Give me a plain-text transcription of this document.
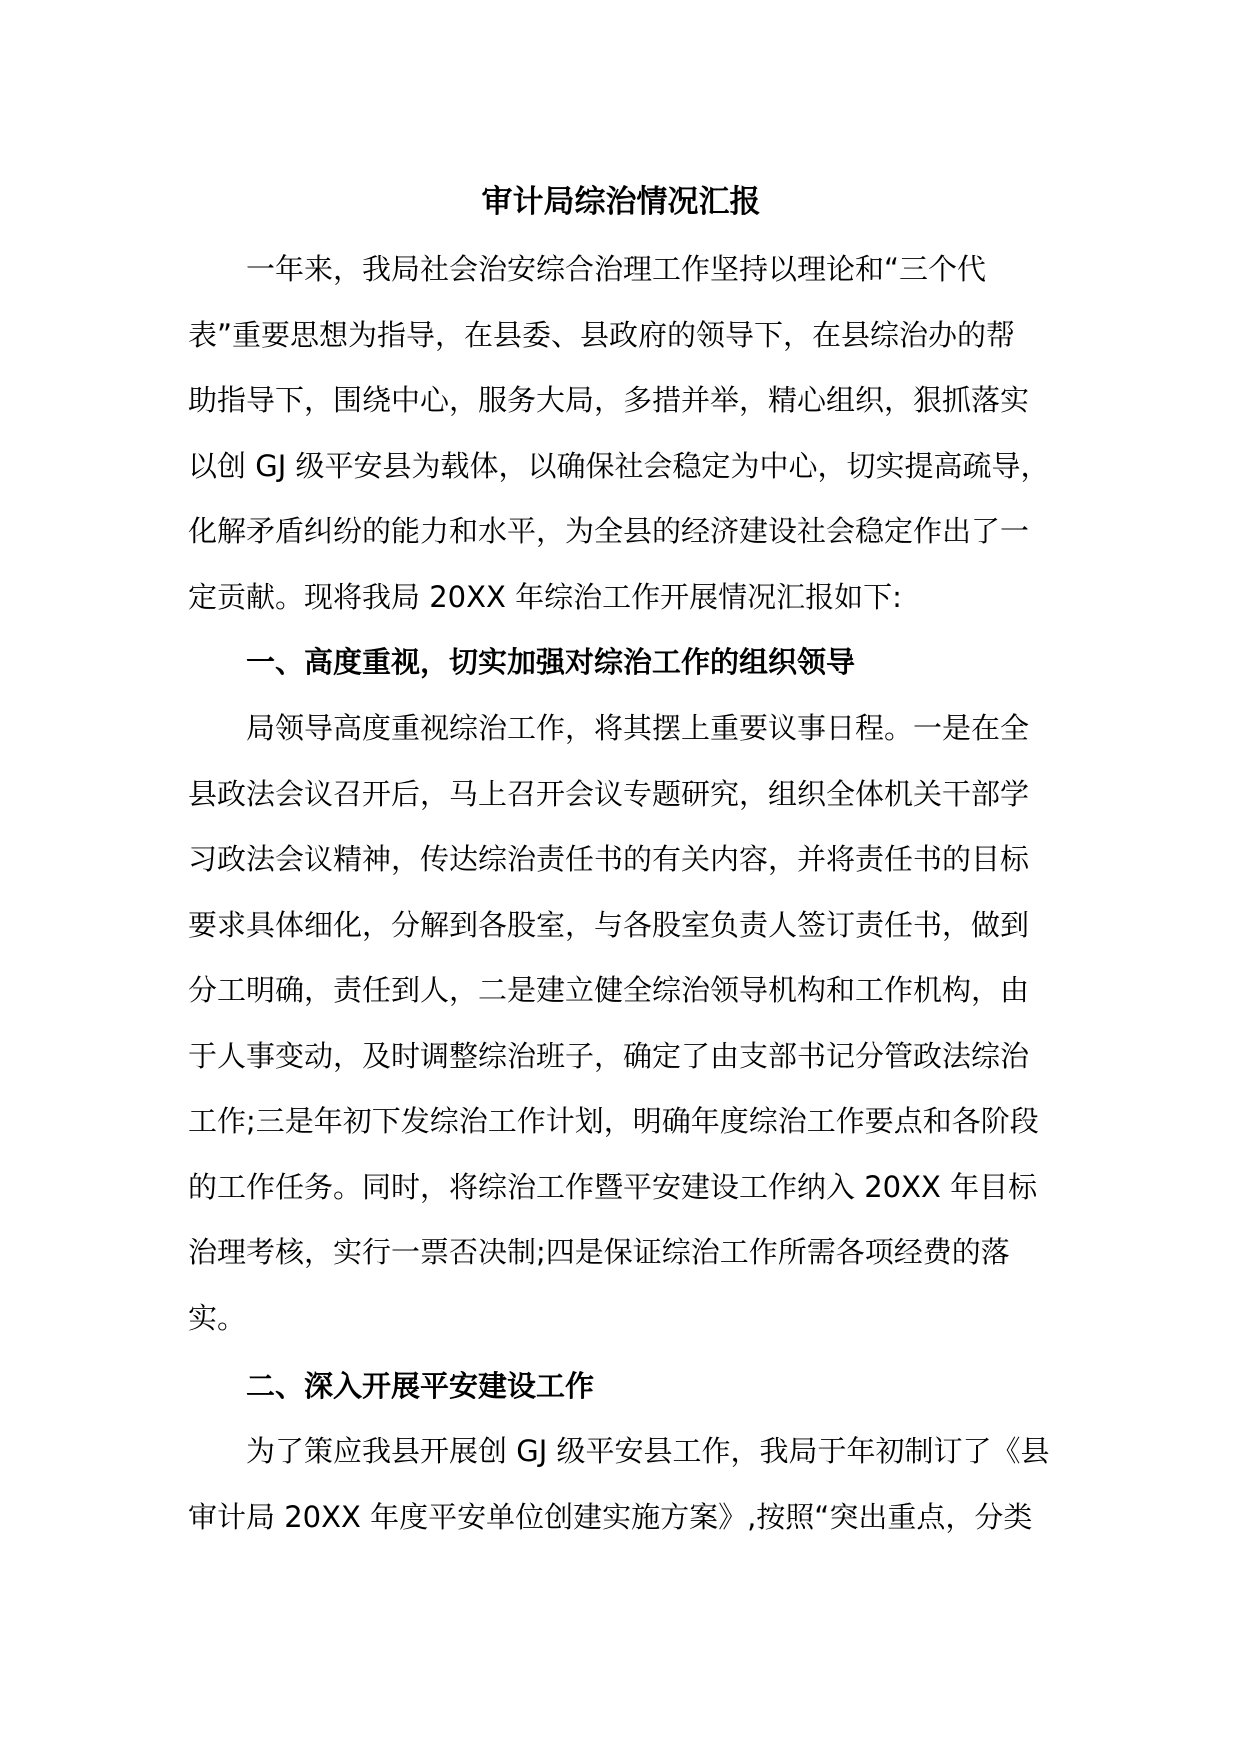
审计局综治情况汇报
一年来，我局社会治安综合治理工作坚持以理论和“三个代
表”重要思想为指导，在县委、县政府的领导下，在县综治办的帮
助指导下，围绕中心，服务大局，多措并举，精心组织，狠抓落实
以创 GJ 级平安县为载体，以确保社会稳定为中心，切实提高疏导，
化解矛盾纠纷的能力和水平，为全县的经济建设社会稳定作出了一
定贡献。现将我局 20XX 年综治工作开展情况汇报如下:
一、高度重视，切实加强对综治工作的组织领导
局领导高度重视综治工作，将其摆上重要议事日程。一是在全
县政法会议召开后，马上召开会议专题研究，组织全体机关干部学
习政法会议精神，传达综治责任书的有关内容，并将责任书的目标
要求具体细化，分解到各股室，与各股室负责人签订责任书，做到
分工明确，责任到人，二是建立健全综治领导机构和工作机构，由
于人事变动，及时调整综治班子，确定了由支部书记分管政法综治
工作;三是年初下发综治工作计划，明确年度综治工作要点和各阶段
的工作任务。同时，将综治工作暨平安建设工作纳入 20XX 年目标
治理考核，实行一票否决制;四是保证综治工作所需各项经费的落
实。
二、深入开展平安建设工作
为了策应我县开展创 GJ 级平安县工作，我局于年初制订了《县
审计局 20XX 年度平安单位创建实施方案》,按照“突出重点，分类
